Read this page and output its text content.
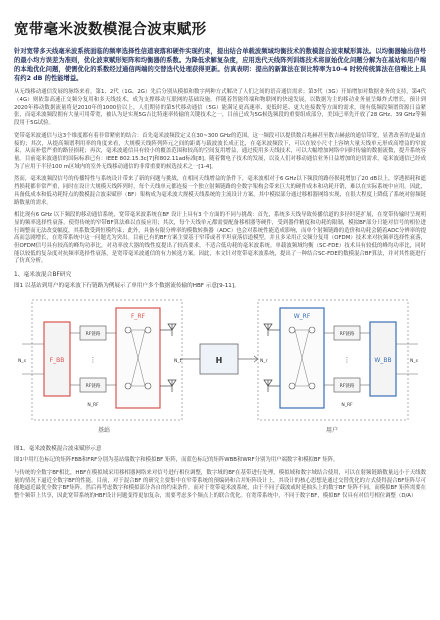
宽带毫米波数模混合波束赋形
针对宽带多天线毫米波系统面临的频率选择性信道衰落和硬件实现约束，提出结合单载波频域均衡技术的数模混合波束赋形算法。以均衡器输出信号的最小均方误差为准则，优化波束赋形矩阵和均衡器的系数。为降低求解复杂度，应用迭代天线阵列训练技术将原始优化问题分解为在基站和用户端的本地优化问题，使需优化的系数经过通信两端的交替迭代处理获得更新。仿真表明：提出的新算法在误比特率为10-4 时较传统算法在信噪比上具有约2 dB 的性能增益。
从无线移动通信发展的脉络来看，第1、2代（1G、2G）先后分别从模拟和数字两种方式解决了人们之间的语音通信需求；第3代（3G）开始增加对数据业务的支持，第4代（4G）则依靠高速正交频分复用和多天线技术，成为支撑移动互联网的基础设施。伴随着智能终端和物联网的快速发展，以数据为主的移动业务量呈爆炸式增长，预计到2020年移动数据流量将是2010年的1000倍以上，人们期待的第5代移动通信（5G）能满足更高速率、更低时延、更大连接数等方面的需求。现有低频段频谱资源日益紧张，而毫米波频段拥有大量可用带宽，被认为是实现5G吉比特速率传输的关键技术之一，目前已成为5G候选频段的重要组成部分，美国已率先开放了28 GHz、39 GHz等频段用于5G试验。
宽带毫米波通信与这3个维度都有着非常紧密的结合：首先毫米波频段定义在30~300 GHz的范围，这一频段可以提供数百兆赫甚至数吉赫兹的通信带宽，显著改善的是最直接的；其次，从提高频谱利用率的角度来看，大规模天线阵列阵元之间的距离与载波波长成正比，在毫米波频段下，可以在较小尺寸上容纳大量天线单元形成高增益的窄波束，从而补偿严重的路径损耗；再次，毫米波通信具有较小的覆盖范围和较高的空间复用增益，通过使用多天线技术，可以大幅增加网络中同时传输的数据流数，提升系统容量。目前毫米波通信的国际标准已有：IEEE 802.15.3c[7]和802.11ad标准[8]。随着微电子技术的发展，以及人们对移动通信业务日益增加的迫切需求，毫米波通信已经成为了应用于半径100 m区域内的室外无线移动通信的非常重要的候选技术之一[1-4]。
然而，毫米波频段信号的传播特性与系统设计带来了新的问题与挑战，在相同天线增益的条件下，毫米波相对于6 GHz以下频段的路径损耗增加了20 dB以上，穿透损耗和遮挡损耗都非常严重，同时在设计大规模天线阵列时，每个天线单元都连接一个独立射频链路的全数字架构会带来巨大的硬件成本和功耗开销，难以在实际系统中应用。因此，具备低成本和低功耗特点的数模混合波束赋形（BF）架构成为毫米波大规模天线系统的主流设计方案，其中模拟部分通过移相器网络实现，在很大程度上降低了系统对射频链路数量的需求。
相比现有6 GHz 以下频段的移动通信系统，宽带毫米波系统在BF 设计上具有3 个方面的不同与挑战：首先，系统多天线导致传播信道的多径时延扩展，在宽带传输时呈现明显的频率选择性衰落，使得传统的窄带BF算法难以直接应用；其次，每个天线单元都需要配备移相器等硬件，受到器件精度和功耗的限制，模拟BF部分只能对信号的相位进行调整而无法改变幅度，其系数受到恒模约束；此外，具备有限分辨率的模数转换器（ADC）也会对系统性能造成影响，而单个射频链路的造价和功耗会随着ADC分辨率的提高而急剧增长，在宽带系统中这一问题尤为突出。目前已有的BF方案主要基于窄带或者平坦衰落信道模型，并且多采用正交频分复用（OFDM）技术来对抗频率选择性衰落，但OFDM信号具有较高的峰均功率比，对功率放大器的线性度提出了较高要求，不适合低功耗的毫米波系统。单载波频域均衡（SC-FDE）技术具有较低的峰均功率比，同时能以较低的复杂度对抗频率选择性衰落，是宽带毫米波通信的有力候选方案。因此，本文针对宽带毫米波系统，提出了一种结合SC-FDE的数模混合BF算法，并对其性能进行了仿真分析。
1、毫米波混合BF研究
图1 以基站到用户的毫米波下行链路为例展示了单用户多个数据流传输的HBF 示意[9-11]。
F_BB
RF链路
RF链路
⋮
N_RF
F_RF
N_t
N_s
基站
H	N_r
W_RF
RF链路
RF链路
⋮
N_RF
W_BB	N_s
用户
图1、毫米波数模混合波束赋形示意
图1中用红色标记的矩阵FBB和FRF分别为基站端数字和模拟BF 矩阵，而蓝色标记的矩阵WBB和WRF分别为用户端数字和模拟BF 矩阵。
与传统的全数字BF相比，HBF在模拟域采用移相器网络来对信号进行相位调整，数字域的BF在基带进行处理，模拟域和数字域结合使用，可以在射频链路数量远小于天线数量的情况下逼近全数字BF的性能。目前，对于混合BF 的研究主要集中在窄带系统的预编码和合并矩阵设计上，其设计的核心思想是通过交替优化的方式使得混合BF矩阵尽可能地逼近最优全数字BF矩阵，然后再考虑数字和模拟部分各自的约束条件。而对于宽带毫米波系统，由于不同子载波或时延抽头上的数字BF 矩阵不同，而模拟BF 矩阵需要在整个频带上共享，因此宽带系统的HBF设计问题变得更加复杂，需要考虑多个频点上的联合优化。在宽带系统中，不同于数字BF，模拟BF 仅具有对信号相位调整（D/A）
